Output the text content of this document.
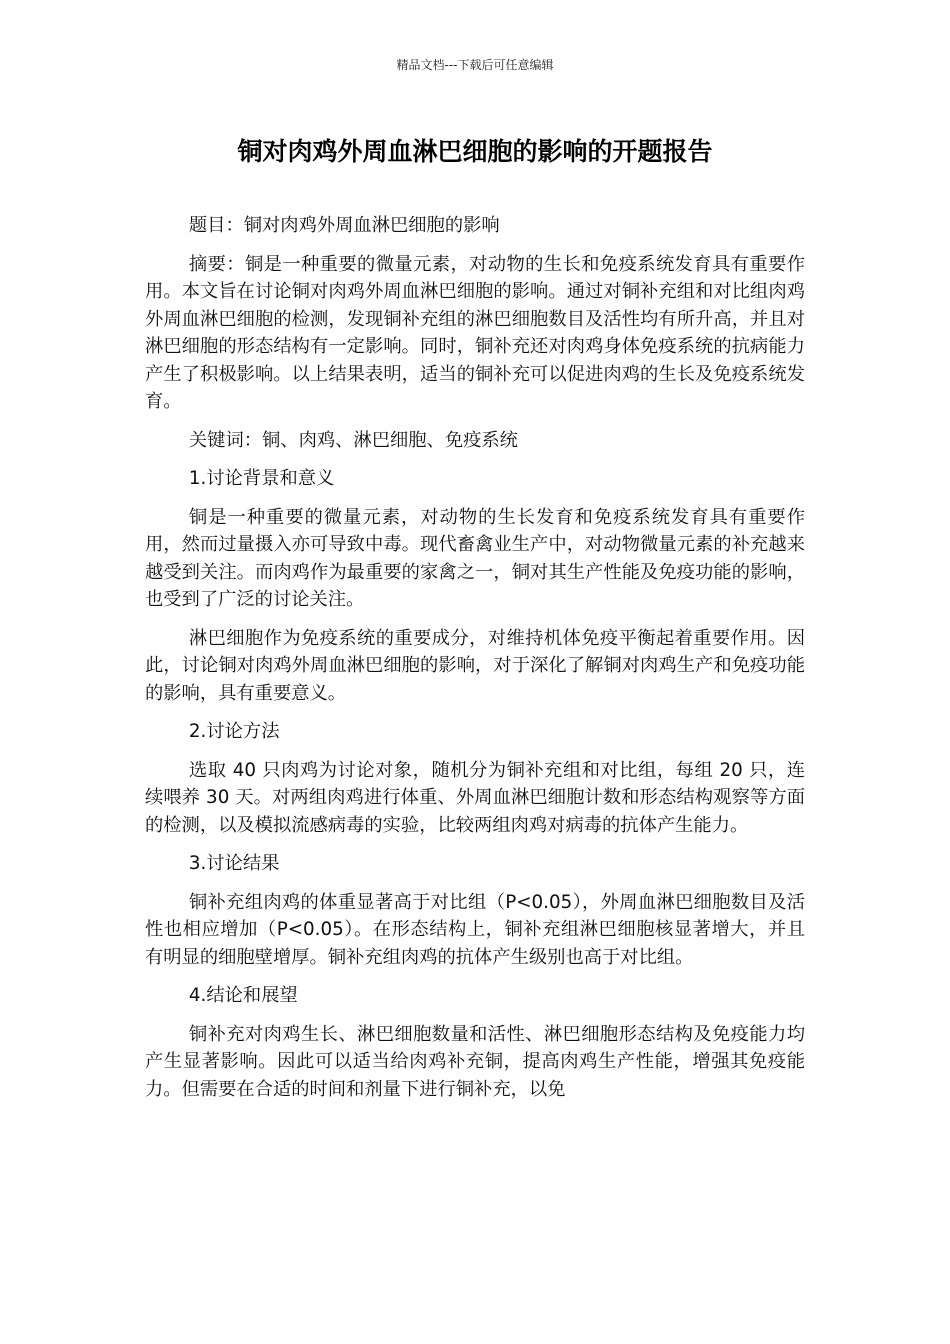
精品文档---下载后可任意编辑
铜对肉鸡外周血淋巴细胞的影响的开题报告

题目：铜对肉鸡外周血淋巴细胞的影响

摘要：铜是一种重要的微量元素，对动物的生长和免疫系统发育具有重要作用。本文旨在讨论铜对肉鸡外周血淋巴细胞的影响。通过对铜补充组和对比组肉鸡外周血淋巴细胞的检测，发现铜补充组的淋巴细胞数目及活性均有所升高，并且对淋巴细胞的形态结构有一定影响。同时，铜补充还对肉鸡身体免疫系统的抗病能力产生了积极影响。以上结果表明，适当的铜补充可以促进肉鸡的生长及免疫系统发育。

关键词：铜、肉鸡、淋巴细胞、免疫系统

1.讨论背景和意义

铜是一种重要的微量元素，对动物的生长发育和免疫系统发育具有重要作用，然而过量摄入亦可导致中毒。现代畜禽业生产中，对动物微量元素的补充越来越受到关注。而肉鸡作为最重要的家禽之一，铜对其生产性能及免疫功能的影响，也受到了广泛的讨论关注。

淋巴细胞作为免疫系统的重要成分，对维持机体免疫平衡起着重要作用。因此，讨论铜对肉鸡外周血淋巴细胞的影响，对于深化了解铜对肉鸡生产和免疫功能的影响，具有重要意义。

2.讨论方法

选取 40 只肉鸡为讨论对象，随机分为铜补充组和对比组，每组 20 只，连续喂养 30 天。对两组肉鸡进行体重、外周血淋巴细胞计数和形态结构观察等方面的检测，以及模拟流感病毒的实验，比较两组肉鸡对病毒的抗体产生能力。

3.讨论结果

铜补充组肉鸡的体重显著高于对比组（P<0.05），外周血淋巴细胞数目及活性也相应增加（P<0.05）。在形态结构上，铜补充组淋巴细胞核显著增大，并且有明显的细胞壁增厚。铜补充组肉鸡的抗体产生级别也高于对比组。

4.结论和展望

铜补充对肉鸡生长、淋巴细胞数量和活性、淋巴细胞形态结构及免疫能力均产生显著影响。因此可以适当给肉鸡补充铜，提高肉鸡生产性能，增强其免疫能力。但需要在合适的时间和剂量下进行铜补充，以免
